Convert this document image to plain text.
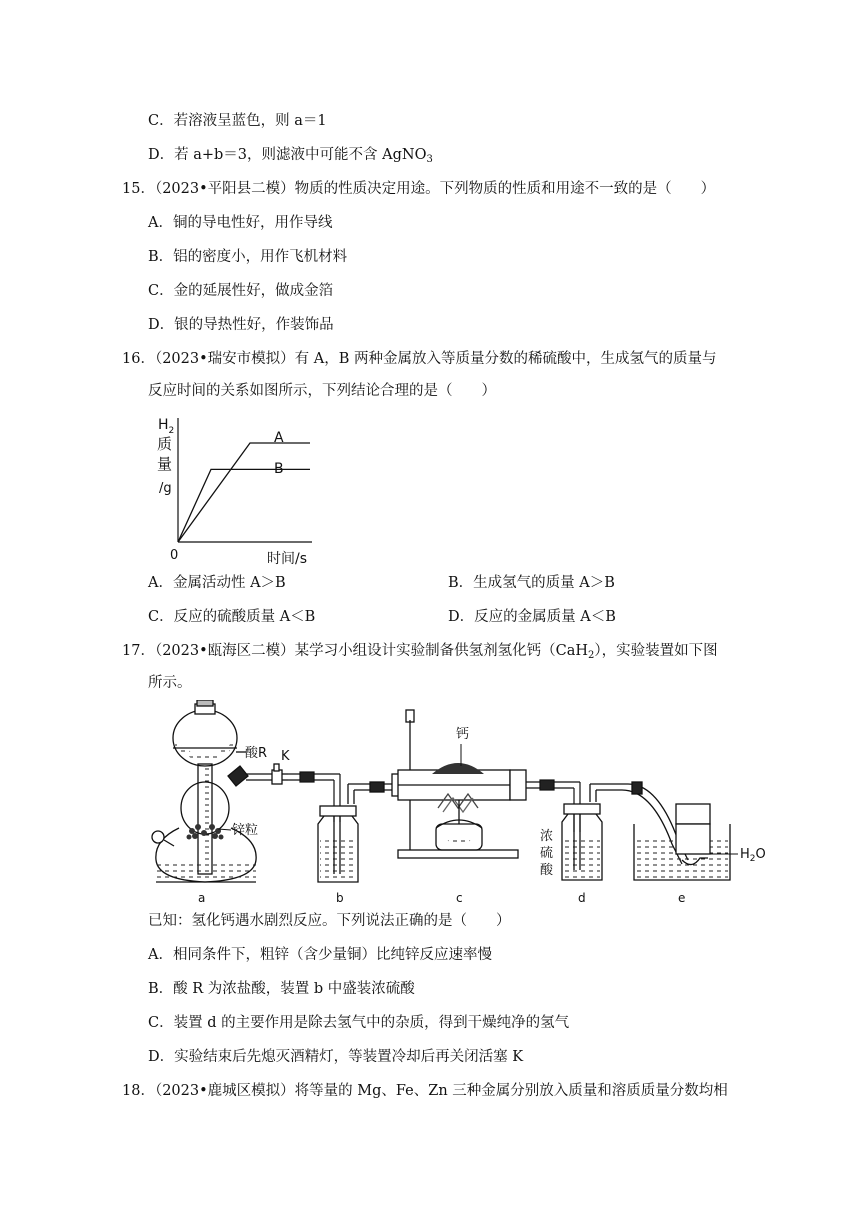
C．若溶液呈蓝色，则 a＝1
D．若 a+b＝3，则滤液中可能不含 AgNO$_3$
15．（2023•平阳县二模）物质的性质决定用途。下列物质的性质和用途不一致的是（　　）
A．铜的导电性好，用作导线
B．铝的密度小，用作飞机材料
C．金的延展性好，做成金箔
D．银的导热性好，作装饰品
16．（2023•瑞安市模拟）有 A，B 两种金属放入等质量分数的稀硫酸中，生成氢气的质量与
反应时间的关系如图所示，下列结论合理的是（　　）
$H_2$
质
量
/g
0	时间/s
A
B
A．金属活动性 A＞B	B．生成氢气的质量 A＞B
C．反应的硫酸质量 A＜B	D．反应的金属质量 A＜B
17．（2023•瓯海区二模）某学习小组设计实验制备供氢剂氢化钙（CaH$_2$），实验装置如下图
所示。
酸R K
锌粒
钙
浓
硫
酸
$H_2O$
a	b	c	d	e
已知：氢化钙遇水剧烈反应。下列说法正确的是（　　）
A．相同条件下，粗锌（含少量铜）比纯锌反应速率慢
B．酸 R 为浓盐酸，装置 b 中盛装浓硫酸
C．装置 d 的主要作用是除去氢气中的杂质，得到干燥纯净的氢气
D．实验结束后先熄灭酒精灯，等装置冷却后再关闭活塞 K
18．（2023•鹿城区模拟）将等量的 Mg、Fe、Zn 三种金属分别放入质量和溶质质量分数均相
